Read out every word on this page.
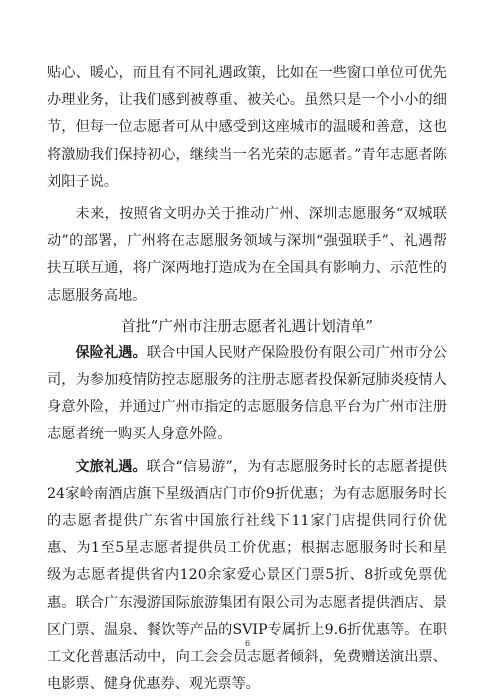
贴心、暖心，而且有不同礼遇政策，比如在一些窗口单位可优先办理业务，让我们感到被尊重、被关心。虽然只是一个小小的细节，但每一位志愿者可从中感受到这座城市的温暖和善意，这也将激励我们保持初心，继续当一名光荣的志愿者。”青年志愿者陈刘阳子说。

未来，按照省文明办关于推动广州、深圳志愿服务“双城联动”的部署，广州将在志愿服务领域与深圳“强强联手”、礼遇帮扶互联互通，将广深两地打造成为在全国具有影响力、示范性的志愿服务高地。

首批“广州市注册志愿者礼遇计划清单”

保险礼遇。联合中国人民财产保险股份有限公司广州市分公司，为参加疫情防控志愿服务的注册志愿者投保新冠肺炎疫情人身意外险，并通过广州市指定的志愿服务信息平台为广州市注册志愿者统一购买人身意外险。

文旅礼遇。联合“信易游”，为有志愿服务时长的志愿者提供24家岭南酒店旗下星级酒店门市价9折优惠；为有志愿服务时长的志愿者提供广东省中国旅行社线下11家门店提供同行价优惠、为1至5星志愿者提供员工价优惠；根据志愿服务时长和星级为志愿者提供省内120余家爱心景区门票5折、8折或免票优惠。联合广东漫游国际旅游集团有限公司为志愿者提供酒店、景区门票、温泉、餐饮等产品的SVIP专属折上9.6折优惠等。在职工文化普惠活动中，向工会会员志愿者倾斜，免费赠送演出票、电影票、健身优惠券、观光票等。

6
